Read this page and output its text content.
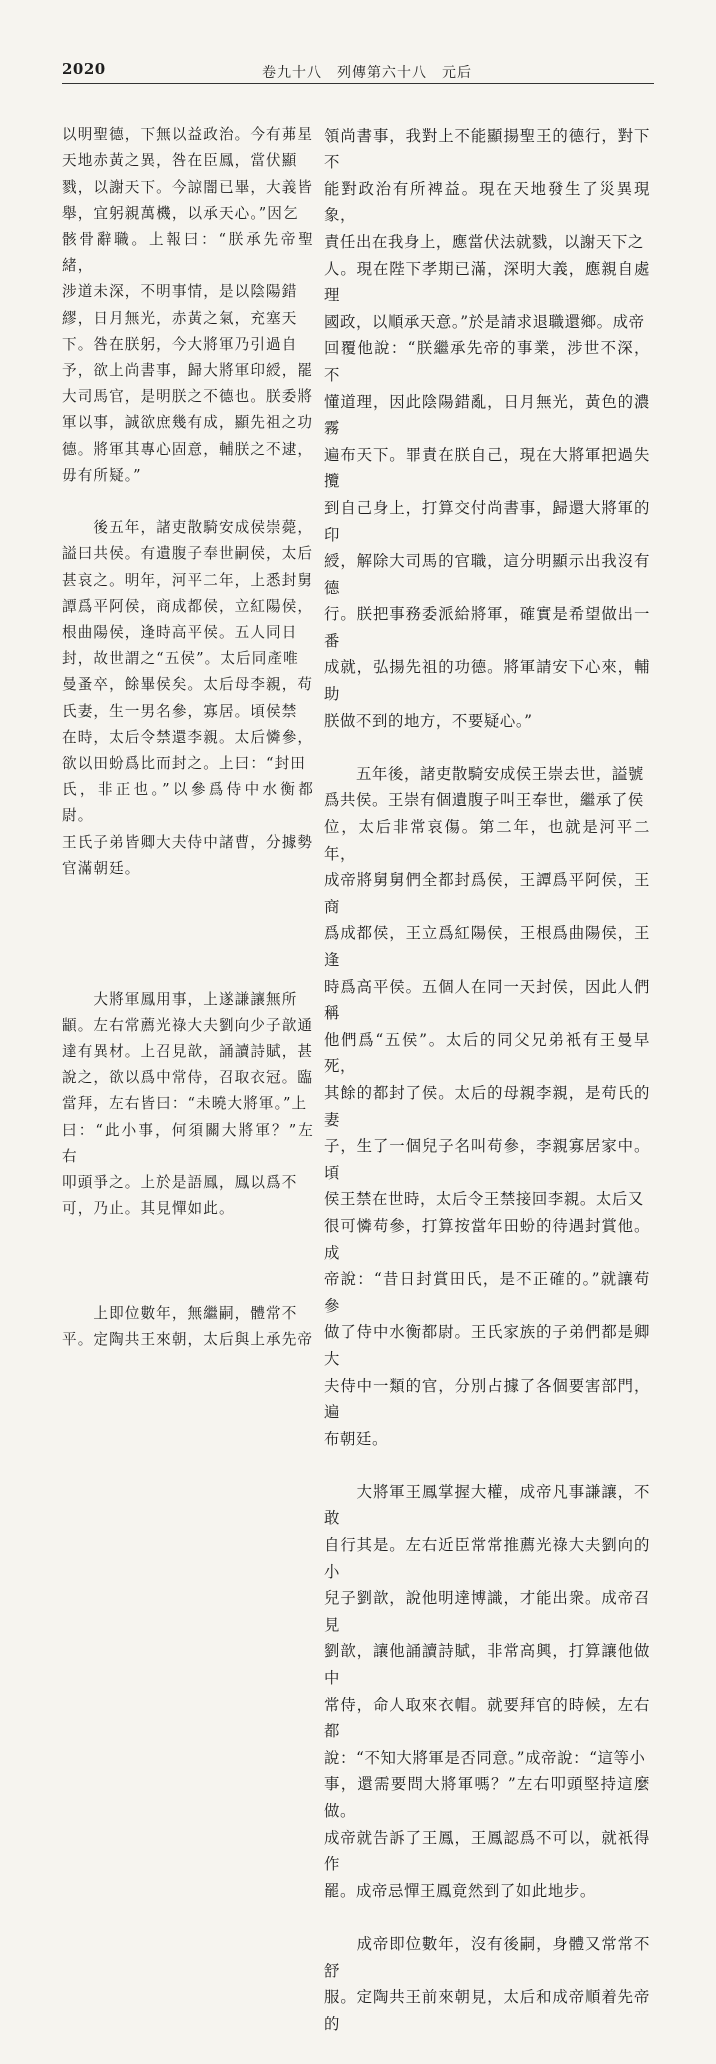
2020	卷九十八　列傳第六十八　元后

以明聖德，下無以益政治。今有茀星
天地赤黃之異，咎在臣鳳，當伏顯
戮，以謝天下。今諒闇已畢，大義皆
舉，宜躬親萬機，以承天心。”因乞
骸骨辭職。上報曰：“朕承先帝聖緒，
涉道未深，不明事情，是以陰陽錯
繆，日月無光，赤黃之氣，充塞天
下。咎在朕躬，今大將軍乃引過自
予，欲上尚書事，歸大將軍印綬，罷
大司馬官，是明朕之不德也。朕委將
軍以事，誠欲庶幾有成，顯先祖之功
德。將軍其專心固意，輔朕之不逮，
毋有所疑。”

　　後五年，諸吏散騎安成侯崇薨，
謚曰共侯。有遺腹子奉世嗣侯，太后
甚哀之。明年，河平二年，上悉封舅
譚爲平阿侯，商成都侯，立紅陽侯，
根曲陽侯，逢時高平侯。五人同日
封，故世謂之“五侯”。太后同產唯
曼蚤卒，餘畢侯矣。太后母李親，苟
氏妻，生一男名參，寡居。頃侯禁
在時，太后令禁還李親。太后憐參，
欲以田蚡爲比而封之。上曰：“封田
氏，非正也。”以參爲侍中水衡都尉。
王氏子弟皆卿大夫侍中諸曹，分據勢
官滿朝廷。

　　大將軍鳳用事，上遂謙讓無所
顓。左右常薦光祿大夫劉向少子歆通
達有異材。上召見歆，誦讀詩賦，甚
說之，欲以爲中常侍，召取衣冠。臨
當拜，左右皆曰：“未曉大將軍。”上
曰：“此小事，何須關大將軍？”左右
叩頭爭之。上於是語鳳，鳳以爲不
可，乃止。其見憚如此。

　　上即位數年，無繼嗣，體常不
平。定陶共王來朝，太后與上承先帝

領尚書事，我對上不能顯揚聖王的德行，對下不
能對政治有所裨益。現在天地發生了災異現象，
責任出在我身上，應當伏法就戮，以謝天下之
人。現在陛下孝期已滿，深明大義，應親自處理
國政，以順承天意。”於是請求退職還鄉。成帝
回覆他說：“朕繼承先帝的事業，涉世不深，不
懂道理，因此陰陽錯亂，日月無光，黃色的濃霧
遍布天下。罪責在朕自己，現在大將軍把過失攬
到自己身上，打算交付尚書事，歸還大將軍的印
綬，解除大司馬的官職，這分明顯示出我沒有德
行。朕把事務委派給將軍，確實是希望做出一番
成就，弘揚先祖的功德。將軍請安下心來，輔助
朕做不到的地方，不要疑心。”

　　五年後，諸吏散騎安成侯王崇去世，謚號
爲共侯。王崇有個遺腹子叫王奉世，繼承了侯
位，太后非常哀傷。第二年，也就是河平二年，
成帝將舅舅們全都封爲侯，王譚爲平阿侯，王商
爲成都侯，王立爲紅陽侯，王根爲曲陽侯，王逢
時爲高平侯。五個人在同一天封侯，因此人們稱
他們爲“五侯”。太后的同父兄弟衹有王曼早死，
其餘的都封了侯。太后的母親李親，是苟氏的妻
子，生了一個兒子名叫苟參，李親寡居家中。頃
侯王禁在世時，太后令王禁接回李親。太后又
很可憐苟參，打算按當年田蚡的待遇封賞他。成
帝說：“昔日封賞田氏，是不正確的。”就讓苟參
做了侍中水衡都尉。王氏家族的子弟們都是卿大
夫侍中一類的官，分別占據了各個要害部門，遍
布朝廷。

　　大將軍王鳳掌握大權，成帝凡事謙讓，不敢
自行其是。左右近臣常常推薦光祿大夫劉向的小
兒子劉歆，說他明達博識，才能出衆。成帝召見
劉歆，讓他誦讀詩賦，非常高興，打算讓他做中
常侍，命人取來衣帽。就要拜官的時候，左右都
說：“不知大將軍是否同意。”成帝說：“這等小
事，還需要問大將軍嗎？”左右叩頭堅持這麼做。
成帝就告訴了王鳳，王鳳認爲不可以，就祇得作
罷。成帝忌憚王鳳竟然到了如此地步。

　　成帝即位數年，沒有後嗣，身體又常常不舒
服。定陶共王前來朝見，太后和成帝順着先帝的
